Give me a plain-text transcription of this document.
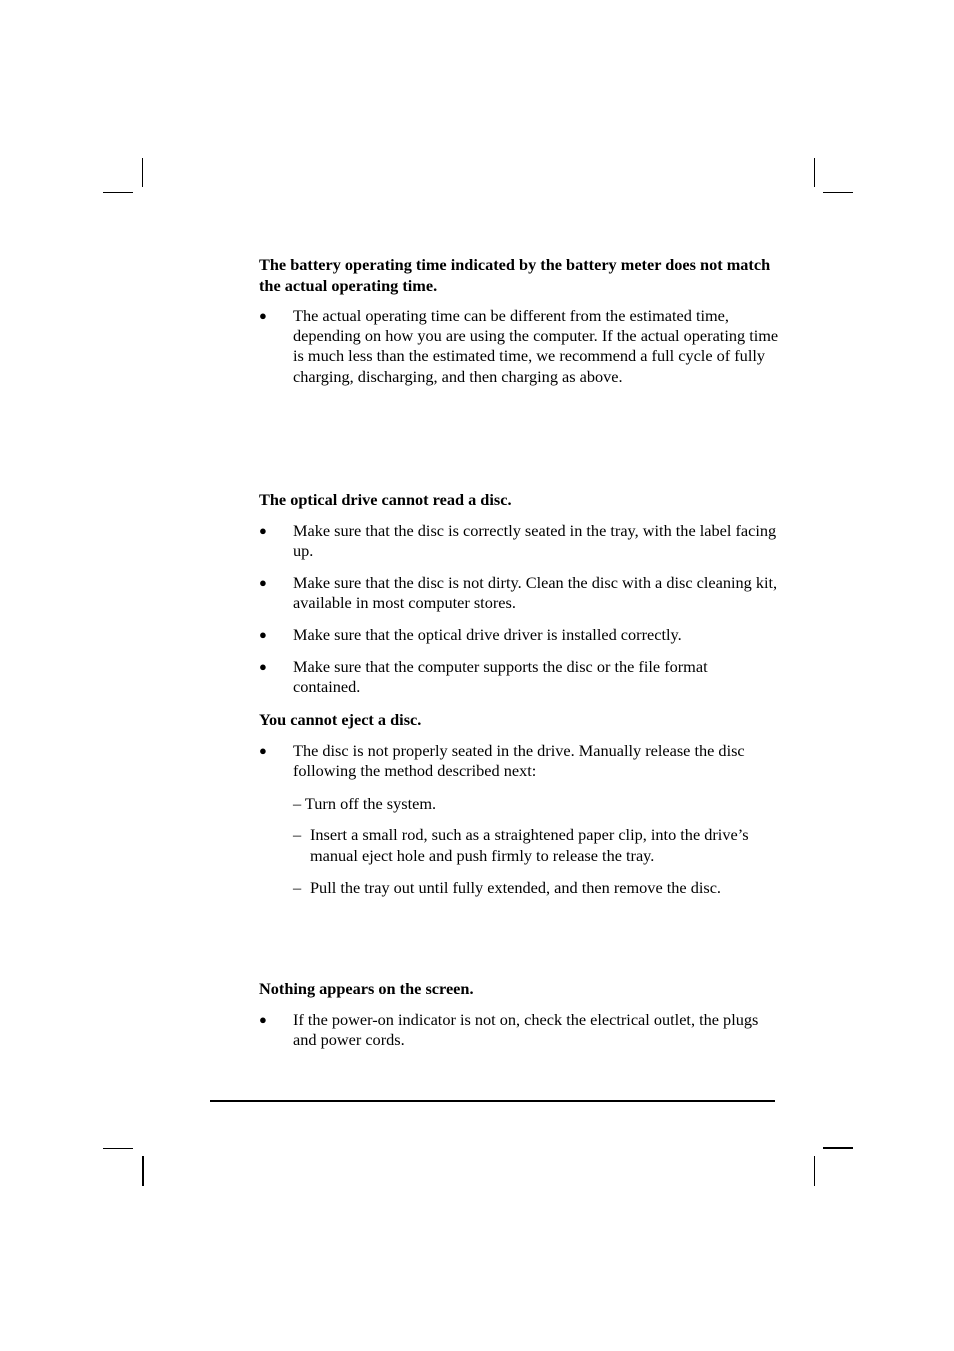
The battery operating time indicated by the battery meter does not match the actual operating time.

● The actual operating time can be different from the estimated time, depending on how you are using the computer. If the actual operating time is much less than the estimated time, we recommend a full cycle of fully charging, discharging, and then charging as above.

The optical drive cannot read a disc.

● Make sure that the disc is correctly seated in the tray, with the label facing up.
● Make sure that the disc is not dirty. Clean the disc with a disc cleaning kit, available in most computer stores.
● Make sure that the optical drive driver is installed correctly.
● Make sure that the computer supports the disc or the file format contained.

You cannot eject a disc.

● The disc is not properly seated in the drive. Manually release the disc following the method described next:
– Turn off the system.
– Insert a small rod, such as a straightened paper clip, into the drive’s manual eject hole and push firmly to release the tray.
– Pull the tray out until fully extended, and then remove the disc.

Nothing appears on the screen.

● If the power-on indicator is not on, check the electrical outlet, the plugs and power cords.
